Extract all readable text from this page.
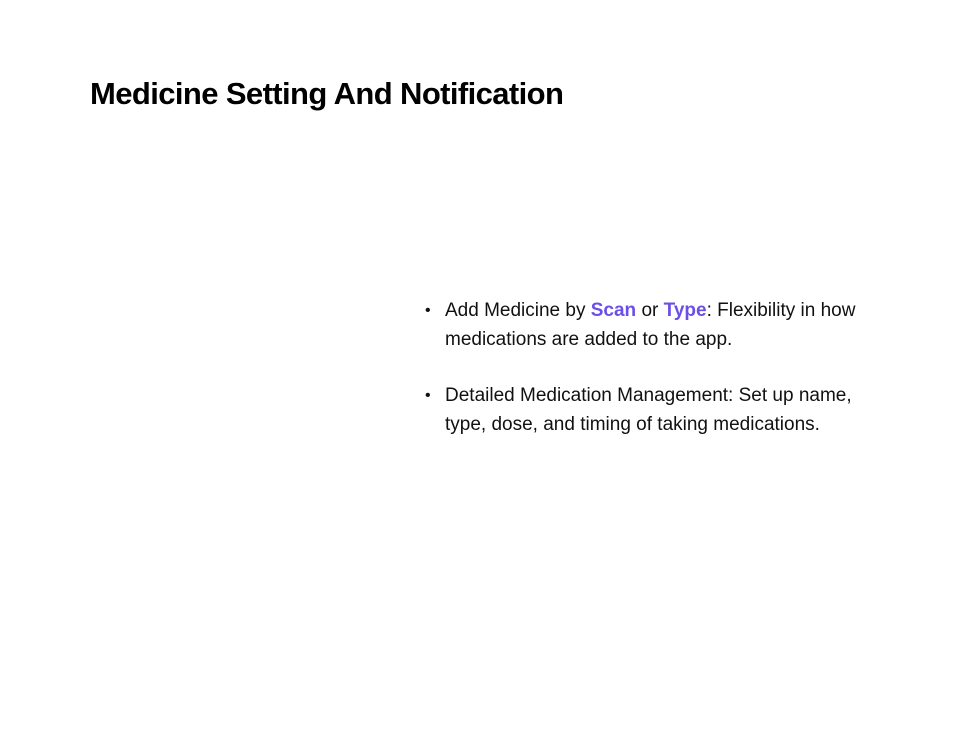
Medicine Setting And Notification
• Add Medicine by Scan or Type: Flexibility in how medications are added to the app.
• Detailed Medication Management: Set up name, type, dose, and timing of taking medications.
